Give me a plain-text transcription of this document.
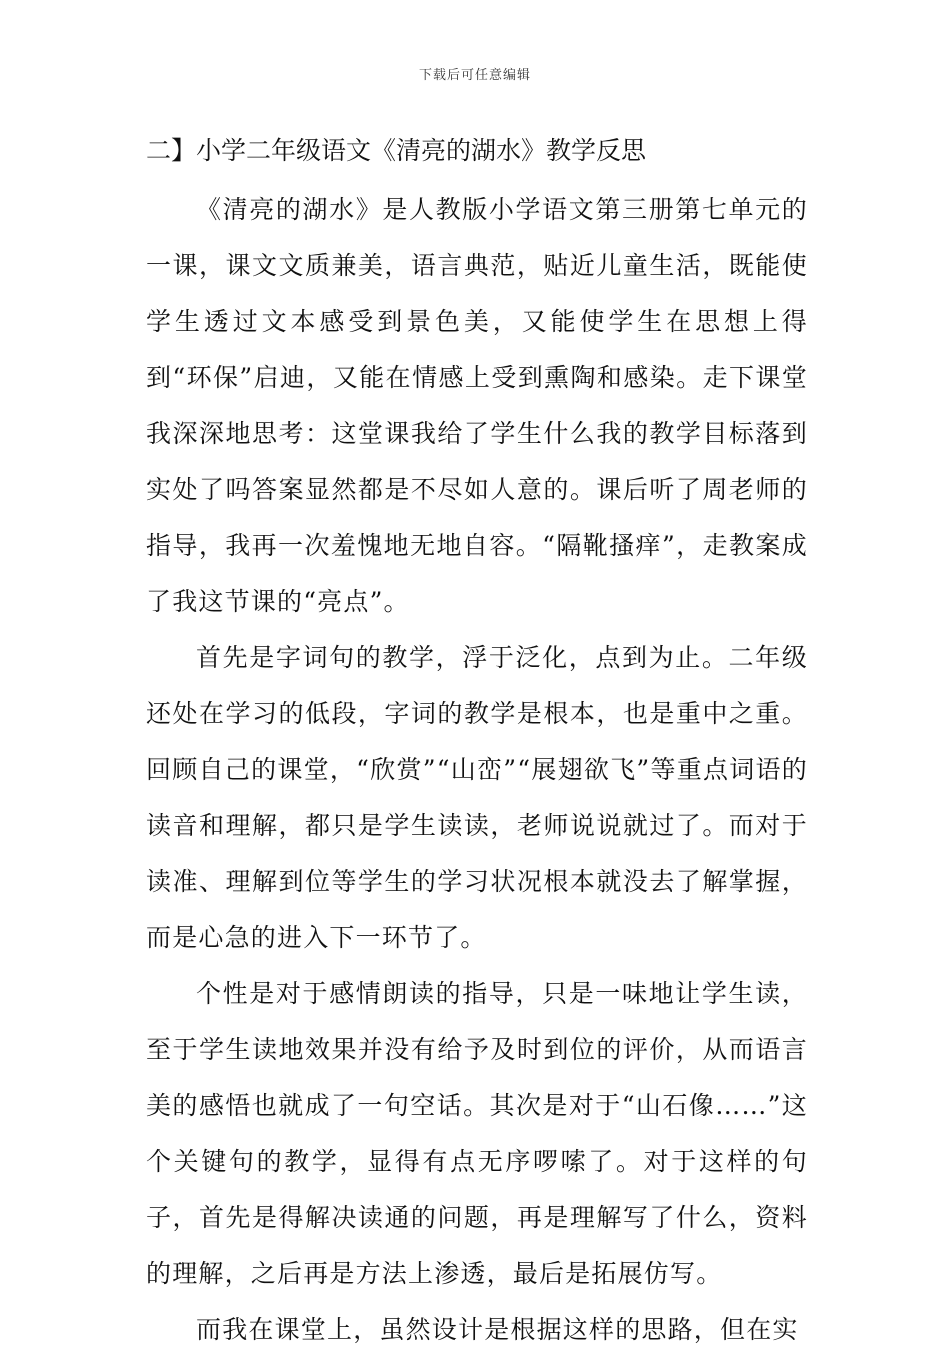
下载后可任意编辑
二】小学二年级语文《清亮的湖水》教学反思

《清亮的湖水》是人教版小学语文第三册第七单元的一课，课文文质兼美，语言典范，贴近儿童生活，既能使学生透过文本感受到景色美，又能使学生在思想上得到“环保”启迪，又能在情感上受到熏陶和感染。走下课堂我深深地思考：这堂课我给了学生什么我的教学目标落到实处了吗答案显然都是不尽如人意的。课后听了周老师的指导，我再一次羞愧地无地自容。“隔靴搔痒”，走教案成了我这节课的“亮点”。

首先是字词句的教学，浮于泛化，点到为止。二年级还处在学习的低段，字词的教学是根本，也是重中之重。回顾自己的课堂，“欣赏”“山峦”“展翅欲飞”等重点词语的读音和理解，都只是学生读读，老师说说就过了。而对于读准、理解到位等学生的学习状况根本就没去了解掌握，而是心急的进入下一环节了。

个性是对于感情朗读的指导，只是一味地让学生读，至于学生读地效果并没有给予及时到位的评价，从而语言美的感悟也就成了一句空话。其次是对于“山石像……”这个关键句的教学，显得有点无序啰嗦了。对于这样的句子，首先是得解决读通的问题，再是理解写了什么，资料的理解，之后再是方法上渗透，最后是拓展仿写。

而我在课堂上，虽然设计是根据这样的思路，但在实
